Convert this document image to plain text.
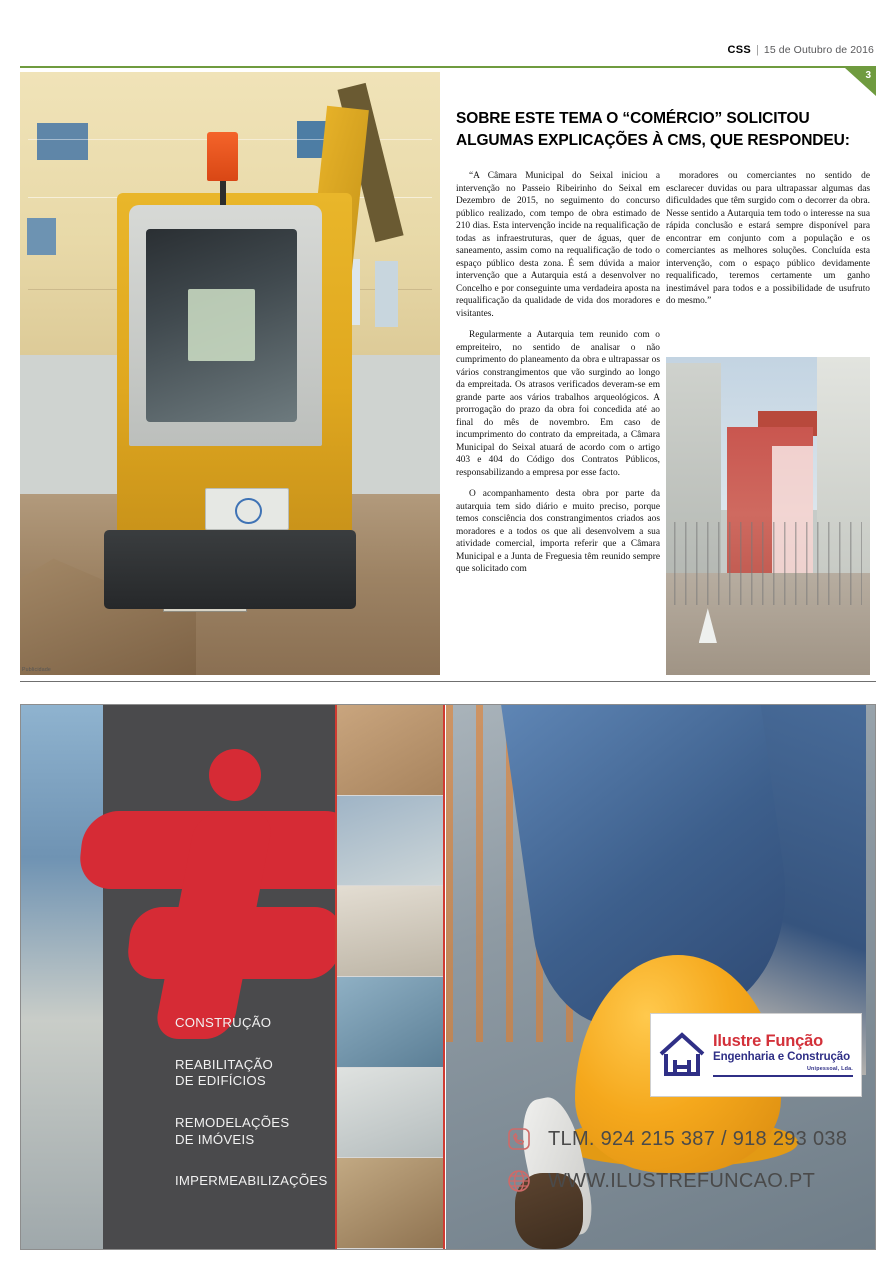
CSS | 15 de Outubro de 2016
3
SOBRE ESTE TEMA O “COMÉRCIO” SOLICITOU ALGUMAS EXPLICAÇÕES À CMS, QUE RESPONDEU:

“A Câmara Municipal do Seixal iniciou a intervenção no Passeio Ribeirinho do Seixal em Dezembro de 2015, no seguimento do concurso público realizado, com tempo de obra estimado de 210 dias. Esta intervenção incide na requalificação de todas as infraestruturas, quer de águas, quer de saneamento, assim como na requalificação de todo o espaço público desta zona. É sem dúvida a maior intervenção que a Autarquia está a desenvolver no Concelho e por conseguinte uma verdadeira aposta na requalificação da qualidade de vida dos moradores e visitantes.

Regularmente a Autarquia tem reunido com o empreiteiro, no sentido de analisar o não cumprimento do planeamento da obra e ultrapassar os vários constrangimentos que vão surgindo ao longo da empreitada. Os atrasos verificados deveram-se em grande parte aos vários trabalhos arqueológicos. A prorrogação do prazo da obra foi concedida até ao final do mês de novembro. Em caso de incumprimento do contrato da empreitada, a Câmara Municipal do Seixal atuará de acordo com o artigo 403 e 404 do Código dos Contratos Públicos, responsabilizando a empresa por esse facto.

O acompanhamento desta obra por parte da autarquia tem sido diário e muito preciso, porque temos consciência dos constrangimentos criados aos moradores e a todos os que ali desenvolvem a sua atividade comercial, importa referir que a Câmara Municipal e a Junta de Freguesia têm reunido sempre que solicitado com

moradores ou comerciantes no sentido de esclarecer duvidas ou para ultrapassar algumas das dificuldades que têm surgido com o decorrer da obra. Nesse sentido a Autarquia tem todo o interesse na sua rápida conclusão e estará sempre disponível para encontrar em conjunto com a população e os comerciantes as melhores soluções. Concluída esta intervenção, com o espaço público devidamente requalificado, teremos certamente um ganho inestimável para todos e a possibilidade de usufruto do mesmo.”

Publicidade
CONSTRUÇÃO
REABILITAÇÃO
DE EDIFÍCIOS
REMODELAÇÕES
DE IMÓVEIS
IMPERMEABILIZAÇÕES
Ilustre Função
Engenharia e Construção
Unipessoal, Lda.
TLM. 924 215 387 / 918 293 038
WWW.ILUSTREFUNCAO.PT
